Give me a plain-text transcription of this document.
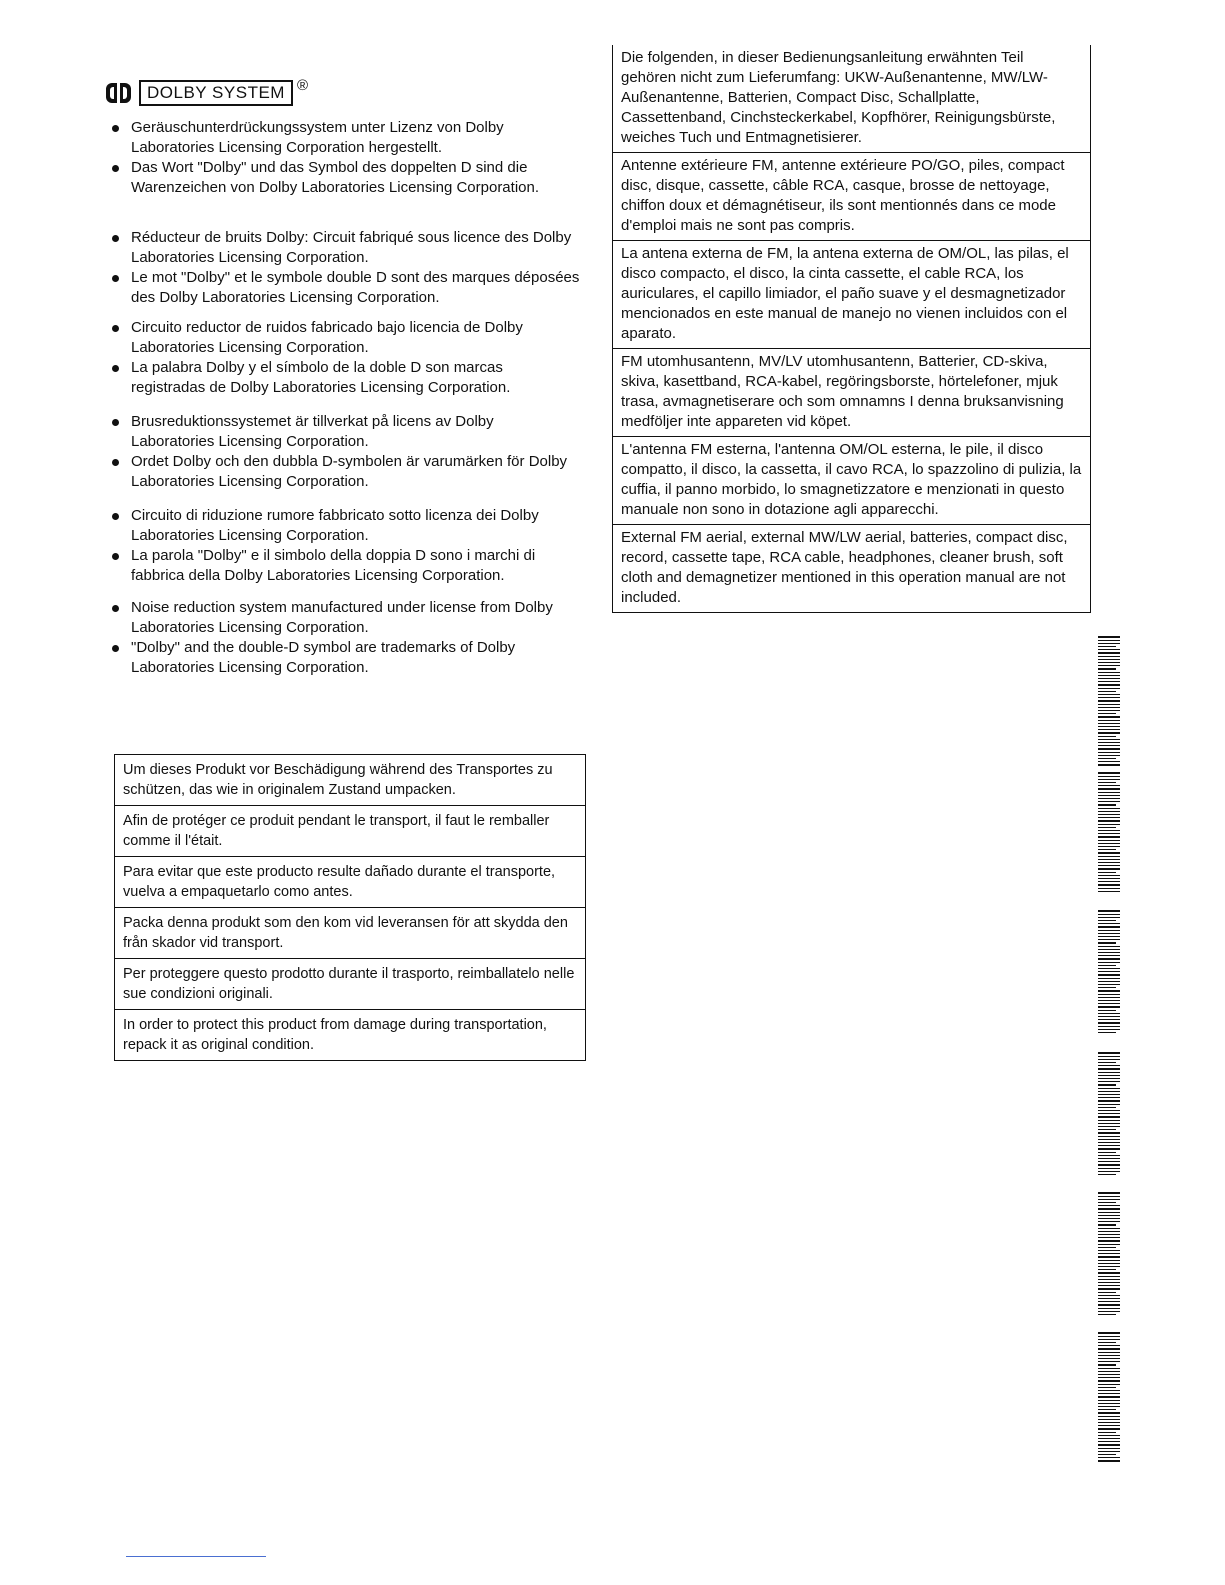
DOLBY SYSTEM ®
Geräuschunterdrückungssystem unter Lizenz von Dolby Laboratories Licensing Corporation hergestellt.
Das Wort "Dolby" und das Symbol des doppelten D sind die Warenzeichen von Dolby Laboratories Licensing Corporation.
Réducteur de bruits Dolby: Circuit fabriqué sous licence des Dolby Laboratories Licensing Corporation.
Le mot "Dolby" et le symbole double D sont des marques déposées des Dolby Laboratories Licensing Corporation.
Circuito reductor de ruidos fabricado bajo licencia de Dolby Laboratories Licensing Corporation.
La palabra Dolby y el símbolo de la doble D son marcas registradas de Dolby Laboratories Licensing Corporation.
Brusreduktionssystemet är tillverkat på licens av Dolby Laboratories Licensing Corporation.
Ordet Dolby och den dubbla D-symbolen är varumärken för Dolby Laboratories Licensing Corporation.
Circuito di riduzione rumore fabbricato sotto licenza dei Dolby Laboratories Licensing Corporation.
La parola "Dolby" e il simbolo della doppia D sono i marchi di fabbrica della Dolby Laboratories Licensing Corporation.
Noise reduction system manufactured under license from Dolby Laboratories Licensing Corporation.
"Dolby" and the double-D symbol are trademarks of Dolby Laboratories Licensing Corporation.
Die folgenden, in dieser Bedienungsanleitung erwähnten Teil gehören nicht zum Lieferumfang: UKW-Außenantenne, MW/LW-Außenantenne, Batterien, Compact Disc, Schallplatte, Cassettenband, Cinchsteckerkabel, Kopfhörer, Reinigungsbürste, weiches Tuch und Entmagnetisierer.
Antenne extérieure FM, antenne extérieure PO/GO, piles, compact disc, disque, cassette, câble RCA, casque, brosse de nettoyage, chiffon doux et démagnétiseur, ils sont mentionnés dans ce mode d'emploi mais ne sont pas compris.
La antena externa de FM, la antena externa de OM/OL, las pilas, el disco compacto, el disco, la cinta cassette, el cable RCA, los auriculares, el capillo limiador, el paño suave y el desmagnetizador mencionados en este manual de manejo no vienen incluidos con el aparato.
FM utomhusantenn, MV/LV utomhusantenn, Batterier, CD-skiva, skiva, kasettband, RCA-kabel, regöringsborste, hörtelefoner, mjuk trasa, avmagnetiserare och som omnamns I denna bruksanvisning medföljer inte appareten vid köpet.
L'antenna FM esterna, l'antenna OM/OL esterna, le pile, il disco compatto, il disco, la cassetta, il cavo RCA, lo spazzolino di pulizia, la cuffia, il panno morbido, lo smagnetizzatore e menzionati in questo manuale non sono in dotazione agli apparecchi.
External FM aerial, external MW/LW aerial, batteries, compact disc, record, cassette tape, RCA cable, headphones, cleaner brush, soft cloth and demagnetizer mentioned in this operation manual are not included.
Um dieses Produkt vor Beschädigung während des Transportes zu schützen, das wie in originalem Zustand umpacken.
Afin de protéger ce produit pendant le transport, il faut le remballer comme il l'était.
Para evitar que este producto resulte dañado durante el transporte, vuelva a empaquetarlo como antes.
Packa denna produkt som den kom vid leveransen för att skydda den från skador vid transport.
Per proteggere questo prodotto durante il trasporto, reimballatelo nelle sue condizioni originali.
In order to protect this product from damage during transportation, repack it as original condition.
